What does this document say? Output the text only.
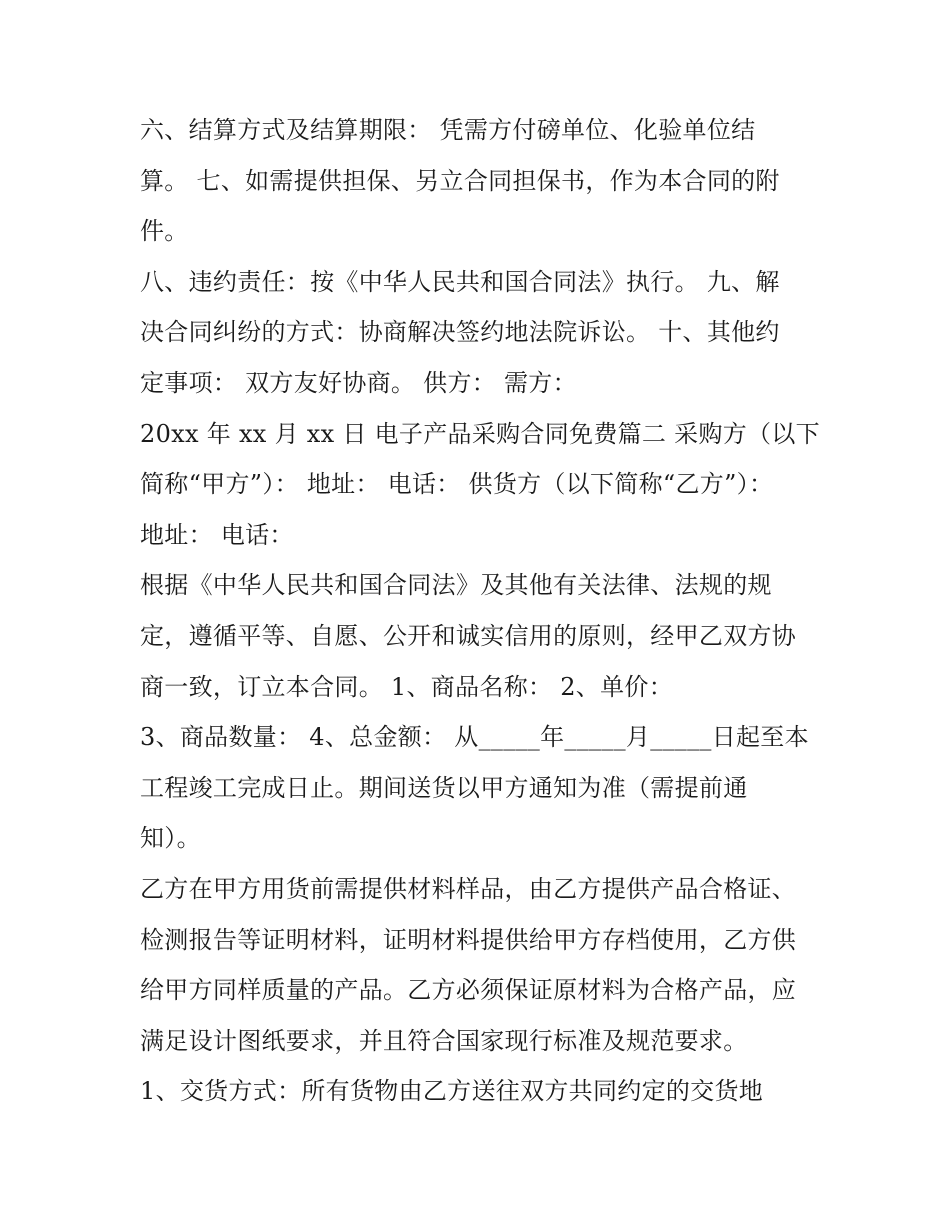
六、结算方式及结算期限： 凭需方付磅单位、化验单位结
算。 七、如需提供担保、另立合同担保书，作为本合同的附
件。
八、违约责任：按《中华人民共和国合同法》执行。 九、解
决合同纠纷的方式：协商解决签约地法院诉讼。 十、其他约
定事项： 双方友好协商。 供方： 需方：
20xx 年 xx 月 xx 日 电子产品采购合同免费篇二 采购方（以下
简称“甲方”）： 地址： 电话： 供货方（以下简称“乙方”）：
地址： 电话：
根据《中华人民共和国合同法》及其他有关法律、法规的规
定，遵循平等、自愿、公开和诚实信用的原则，经甲乙双方协
商一致，订立本合同。 1、商品名称： 2、单价：
3、商品数量： 4、总金额： 从_____年_____月_____日起至本
工程竣工完成日止。期间送货以甲方通知为准（需提前通
知）。
乙方在甲方用货前需提供材料样品，由乙方提供产品合格证、
检测报告等证明材料，证明材料提供给甲方存档使用，乙方供
给甲方同样质量的产品。乙方必须保证原材料为合格产品，应
满足设计图纸要求，并且符合国家现行标准及规范要求。
1、交货方式：所有货物由乙方送往双方共同约定的交货地
